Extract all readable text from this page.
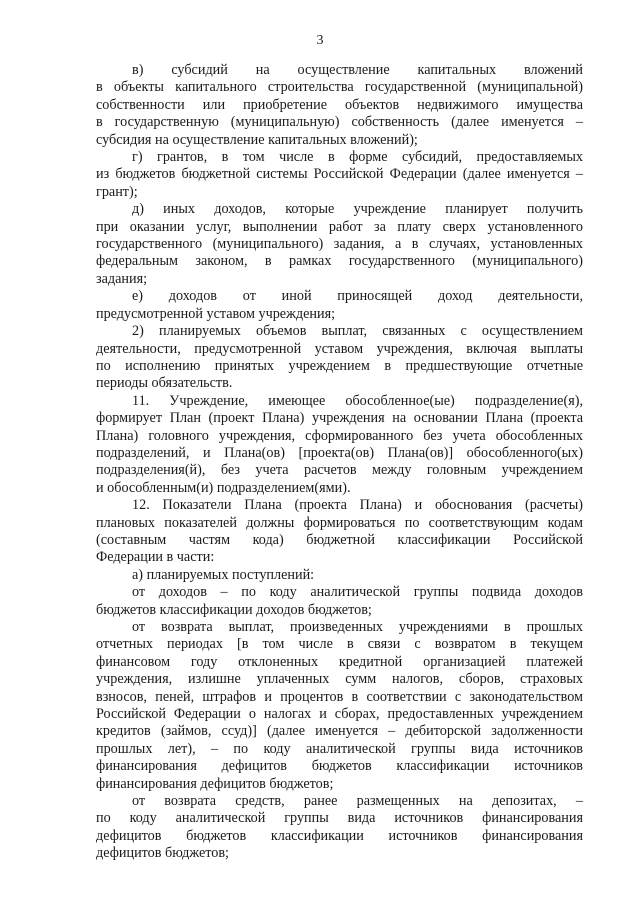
3
в) субсидий на осуществление капитальных вложений
в объекты капитального строительства государственной (муниципальной)
собственности или приобретение объектов недвижимого имущества
в государственную (муниципальную) собственность (далее именуется –
субсидия на осуществление капитальных вложений);
г) грантов, в том числе в форме субсидий, предоставляемых
из бюджетов бюджетной системы Российской Федерации (далее именуется –
грант);
д) иных доходов, которые учреждение планирует получить
при оказании услуг, выполнении работ за плату сверх установленного
государственного (муниципального) задания, а в случаях, установленных
федеральным законом, в рамках государственного (муниципального)
задания;
е) доходов от иной приносящей доход деятельности,
предусмотренной уставом учреждения;
2) планируемых объемов выплат, связанных с осуществлением
деятельности, предусмотренной уставом учреждения, включая выплаты
по исполнению принятых учреждением в предшествующие отчетные
периоды обязательств.
11. Учреждение, имеющее обособленное(ые) подразделение(я),
формирует План (проект Плана) учреждения на основании Плана (проекта
Плана) головного учреждения, сформированного без учета обособленных
подразделений, и Плана(ов) [проекта(ов) Плана(ов)] обособленного(ых)
подразделения(й), без учета расчетов между головным учреждением
и обособленным(и) подразделением(ями).
12. Показатели Плана (проекта Плана) и обоснования (расчеты)
плановых показателей должны формироваться по соответствующим кодам
(составным частям кода) бюджетной классификации Российской
Федерации в части:
а) планируемых поступлений:
от доходов – по коду аналитической группы подвида доходов
бюджетов классификации доходов бюджетов;
от возврата выплат, произведенных учреждениями в прошлых
отчетных периодах [в том числе в связи с возвратом в текущем
финансовом году отклоненных кредитной организацией платежей
учреждения, излишне уплаченных сумм налогов, сборов, страховых
взносов, пеней, штрафов и процентов в соответствии с законодательством
Российской Федерации о налогах и сборах, предоставленных учреждением
кредитов (займов, ссуд)] (далее именуется – дебиторской задолженности
прошлых лет), – по коду аналитической группы вида источников
финансирования дефицитов бюджетов классификации источников
финансирования дефицитов бюджетов;
от возврата средств, ранее размещенных на депозитах, –
по коду аналитической группы вида источников финансирования
дефицитов бюджетов классификации источников финансирования
дефицитов бюджетов;
